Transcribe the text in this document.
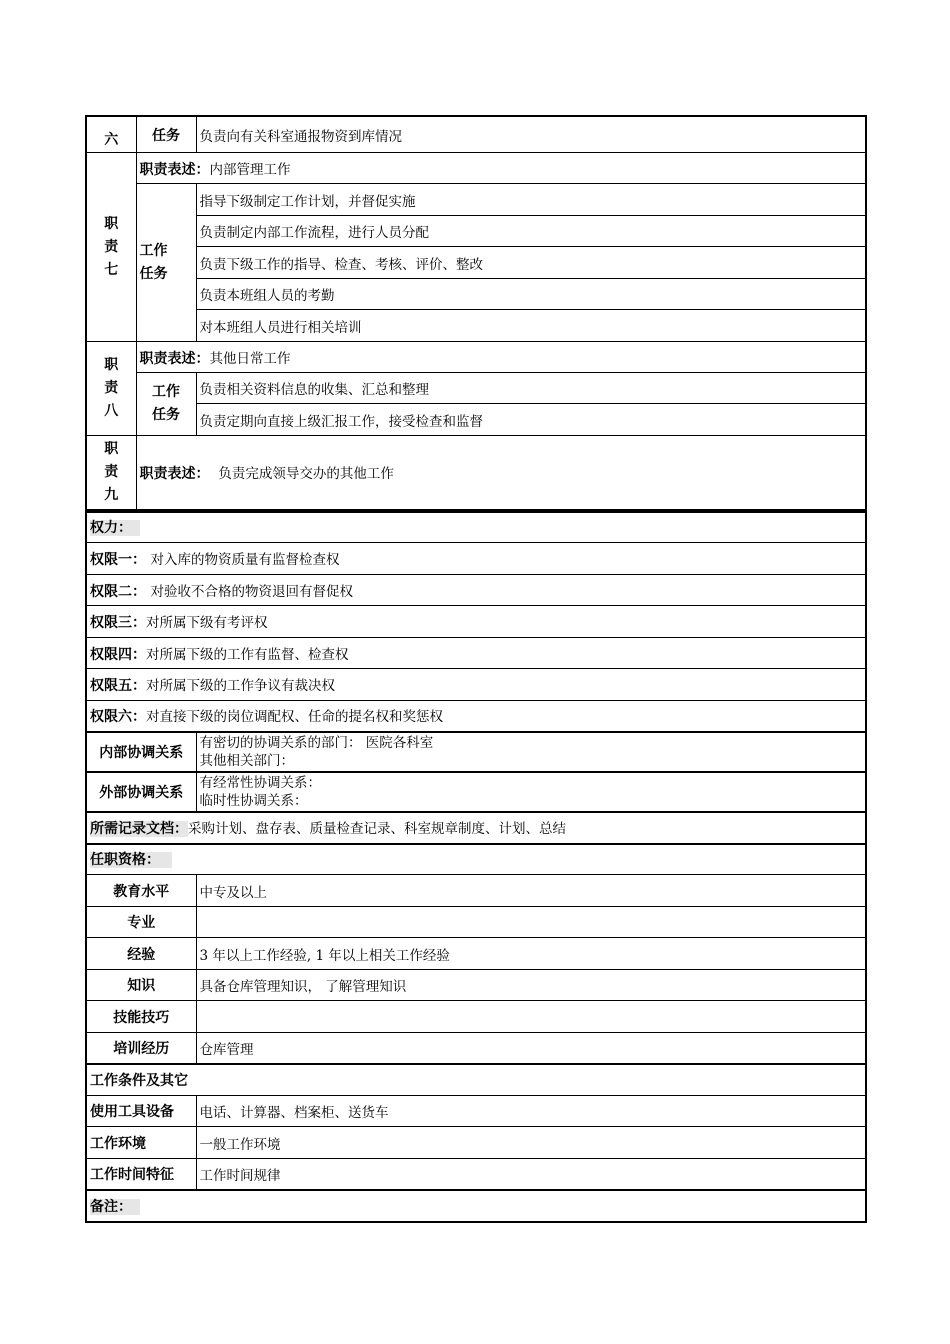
六	任务	负责向有关科室通报物资到库情况

职
责
七	职责表述：内部管理工作	

	工作
任务	指导下级制定工作计划，并督促实施
		负责制定内部工作流程，进行人员分配
		负责下级工作的指导、检查、考核、评价、整改
		负责本班组人员的考勤
		对本班组人员进行相关培训

职
责
八	职责表述：其他日常工作	

	工作
任务	负责相关资料信息的收集、汇总和整理
		负责定期向直接上级汇报工作，接受检查和监督

职
责
九	职责表述： 负责完成领导交办的其他工作	
权力：	
权限一： 对入库的物资质量有监督检查权	
权限二： 对验收不合格的物资退回有督促权	
权限三：对所属下级有考评权	
权限四：对所属下级的工作有监督、检查权	
权限五：对所属下级的工作争议有裁决权	
权限六：对直接下级的岗位调配权、任命的提名权和奖惩权	
内部协调关系	有密切的协调关系的部门： 医院各科室
其他相关部门：

外部协调关系	有经常性协调关系：
临时性协调关系：

所需记录文档：采购计划、盘存表、质量检查记录、科室规章制度、计划、总结	
任职资格：	
教育水平	中专及以上
专业	
经验	3 年以上工作经验, 1 年以上相关工作经验
知识	具备仓库管理知识， 了解管理知识
技能技巧	
培训经历	仓库管理
工作条件及其它	
使用工具设备	电话、计算器、档案柜、送货车
工作环境	一般工作环境
工作时间特征	工作时间规律
备注：	
